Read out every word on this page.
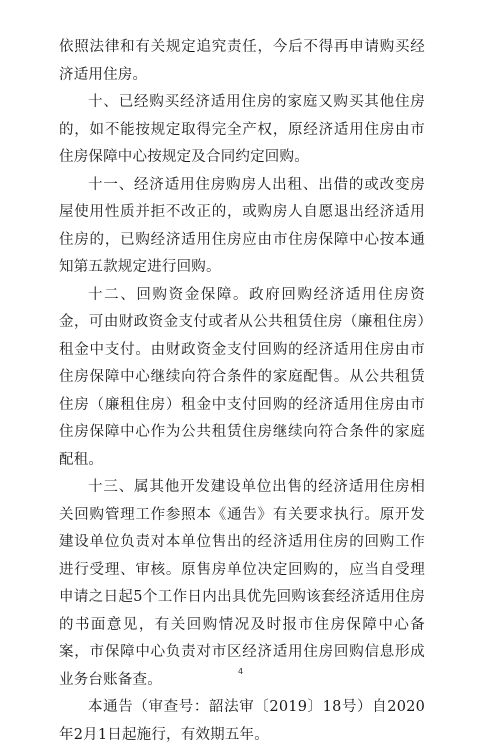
依照法律和有关规定追究责任，今后不得再申请购买经济适用住房。

十、已经购买经济适用住房的家庭又购买其他住房的，如不能按规定取得完全产权，原经济适用住房由市住房保障中心按规定及合同约定回购。

十一、经济适用住房购房人出租、出借的或改变房屋使用性质并拒不改正的，或购房人自愿退出经济适用住房的，已购经济适用住房应由市住房保障中心按本通知第五款规定进行回购。

十二、回购资金保障。政府回购经济适用住房资金，可由财政资金支付或者从公共租赁住房（廉租住房）租金中支付。由财政资金支付回购的经济适用住房由市住房保障中心继续向符合条件的家庭配售。从公共租赁住房（廉租住房）租金中支付回购的经济适用住房由市住房保障中心作为公共租赁住房继续向符合条件的家庭配租。

十三、属其他开发建设单位出售的经济适用住房相关回购管理工作参照本《通告》有关要求执行。原开发建设单位负责对本单位售出的经济适用住房的回购工作进行受理、审核。原售房单位决定回购的，应当自受理申请之日起5个工作日内出具优先回购该套经济适用住房的书面意见，有关回购情况及时报市住房保障中心备案，市保障中心负责对市区经济适用住房回购信息形成业务台账备查。

本通告（审查号：韶法审〔2019〕18号）自2020年2月1日起施行，有效期五年。

4
